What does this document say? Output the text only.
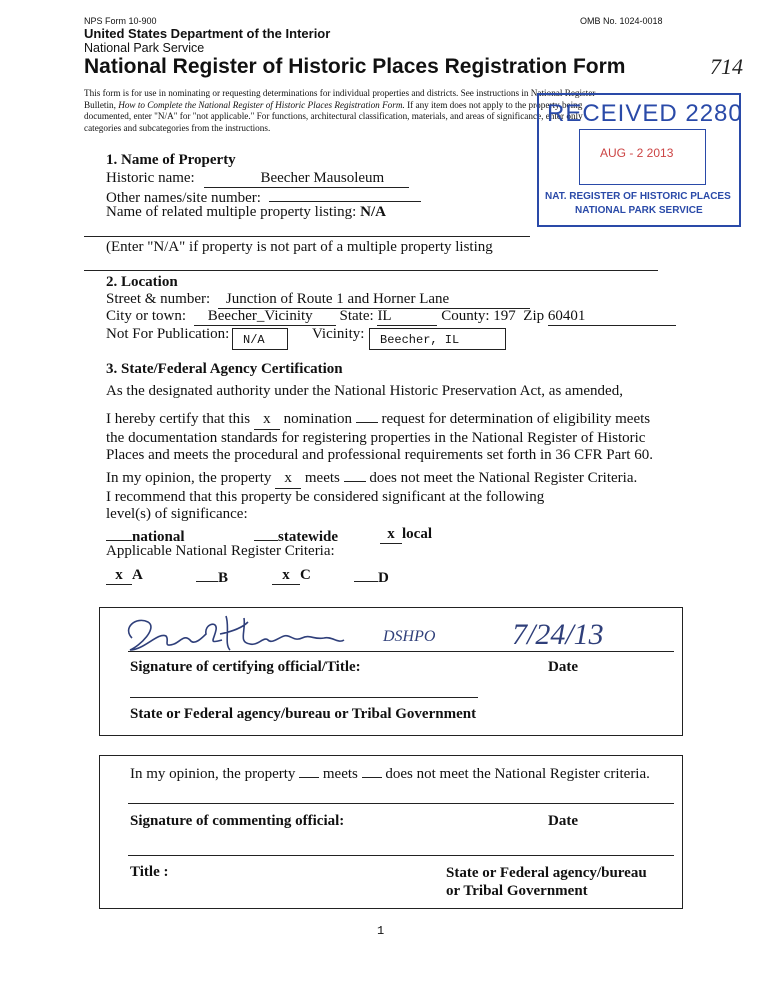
NPS Form 10-900	OMB No. 1024-0018
United States Department of the Interior
National Park Service
National Register of Historic Places Registration Form	714
This form is for use in nominating or requesting determinations for individual properties and districts. See instructions in National Register
Bulletin, How to Complete the National Register of Historic Places Registration Form. If any item does not apply to the property being
documented, enter "N/A" for "not applicable." For functions, architectural classification, materials, and areas of significance, enter only
categories and subcategories from the instructions.
RECEIVED 2280
AUG - 2 2013
NAT. REGISTER OF HISTORIC PLACES
NATIONAL PARK SERVICE
1. Name of Property
Historic name:	Beecher Mausoleum
Other names/site number:
Name of related multiple property listing: N/A
(Enter "N/A" if property is not part of a multiple property listing
2. Location
Street & number: Junction of Route 1 and Horner Lane
City or town: Beecher_Vicinity State: IL	County: 197 Zip 60401
Not For Publication:	N/A	Vicinity:	Beecher, IL
3. State/Federal Agency Certification
As the designated authority under the National Historic Preservation Act, as amended,
I hereby certify that this x nomination  request for determination of eligibility meets
the documentation standards for registering properties in the National Register of Historic
Places and meets the procedural and professional requirements set forth in 36 CFR Part 60.
In my opinion, the property x meets  does not meet the National Register Criteria.
I recommend that this property be considered significant at the following
level(s) of significance:
national	statewide	x local
Applicable National Register Criteria:
x A	B	x C	D
DSHPO	7/24/13
Signature of certifying official/Title:	Date
State or Federal agency/bureau or Tribal Government
In my opinion, the property  meets  does not meet the National Register criteria.
Signature of commenting official:	Date
Title :	State or Federal agency/bureau
or Tribal Government
1
